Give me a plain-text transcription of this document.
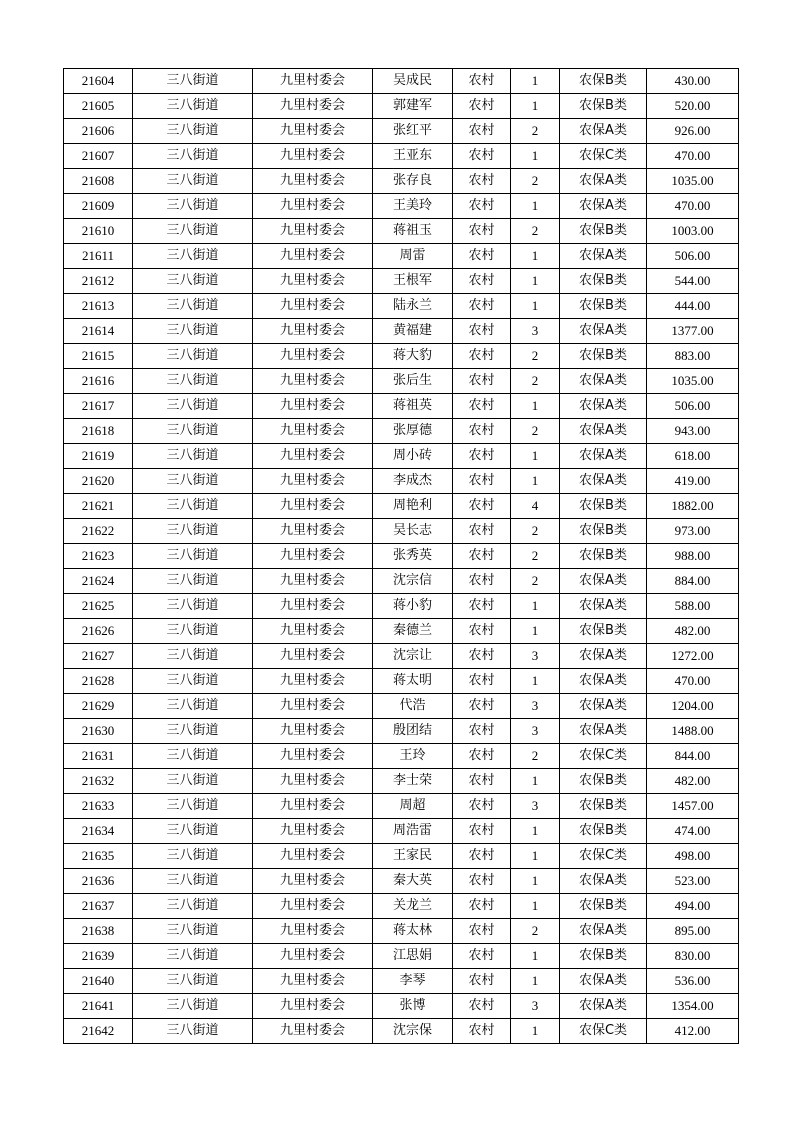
21604	三八街道	九里村委会	吴成民	农村	1	农保B类	430.00
21605	三八街道	九里村委会	郭建军	农村	1	农保B类	520.00
21606	三八街道	九里村委会	张红平	农村	2	农保A类	926.00
21607	三八街道	九里村委会	王亚东	农村	1	农保C类	470.00
21608	三八街道	九里村委会	张存良	农村	2	农保A类	1035.00
21609	三八街道	九里村委会	王美玲	农村	1	农保A类	470.00
21610	三八街道	九里村委会	蒋祖玉	农村	2	农保B类	1003.00
21611	三八街道	九里村委会	周雷	农村	1	农保A类	506.00
21612	三八街道	九里村委会	王根军	农村	1	农保B类	544.00
21613	三八街道	九里村委会	陆永兰	农村	1	农保B类	444.00
21614	三八街道	九里村委会	黄福建	农村	3	农保A类	1377.00
21615	三八街道	九里村委会	蒋大豹	农村	2	农保B类	883.00
21616	三八街道	九里村委会	张后生	农村	2	农保A类	1035.00
21617	三八街道	九里村委会	蒋祖英	农村	1	农保A类	506.00
21618	三八街道	九里村委会	张厚德	农村	2	农保A类	943.00
21619	三八街道	九里村委会	周小砖	农村	1	农保A类	618.00
21620	三八街道	九里村委会	李成杰	农村	1	农保A类	419.00
21621	三八街道	九里村委会	周艳利	农村	4	农保B类	1882.00
21622	三八街道	九里村委会	吴长志	农村	2	农保B类	973.00
21623	三八街道	九里村委会	张秀英	农村	2	农保B类	988.00
21624	三八街道	九里村委会	沈宗信	农村	2	农保A类	884.00
21625	三八街道	九里村委会	蒋小豹	农村	1	农保A类	588.00
21626	三八街道	九里村委会	秦德兰	农村	1	农保B类	482.00
21627	三八街道	九里村委会	沈宗让	农村	3	农保A类	1272.00
21628	三八街道	九里村委会	蒋太明	农村	1	农保A类	470.00
21629	三八街道	九里村委会	代浩	农村	3	农保A类	1204.00
21630	三八街道	九里村委会	殷团结	农村	3	农保A类	1488.00
21631	三八街道	九里村委会	王玲	农村	2	农保C类	844.00
21632	三八街道	九里村委会	李士荣	农村	1	农保B类	482.00
21633	三八街道	九里村委会	周超	农村	3	农保B类	1457.00
21634	三八街道	九里村委会	周浩雷	农村	1	农保B类	474.00
21635	三八街道	九里村委会	王家民	农村	1	农保C类	498.00
21636	三八街道	九里村委会	秦大英	农村	1	农保A类	523.00
21637	三八街道	九里村委会	关龙兰	农村	1	农保B类	494.00
21638	三八街道	九里村委会	蒋太林	农村	2	农保A类	895.00
21639	三八街道	九里村委会	江思娟	农村	1	农保B类	830.00
21640	三八街道	九里村委会	李琴	农村	1	农保A类	536.00
21641	三八街道	九里村委会	张博	农村	3	农保A类	1354.00
21642	三八街道	九里村委会	沈宗保	农村	1	农保C类	412.00
